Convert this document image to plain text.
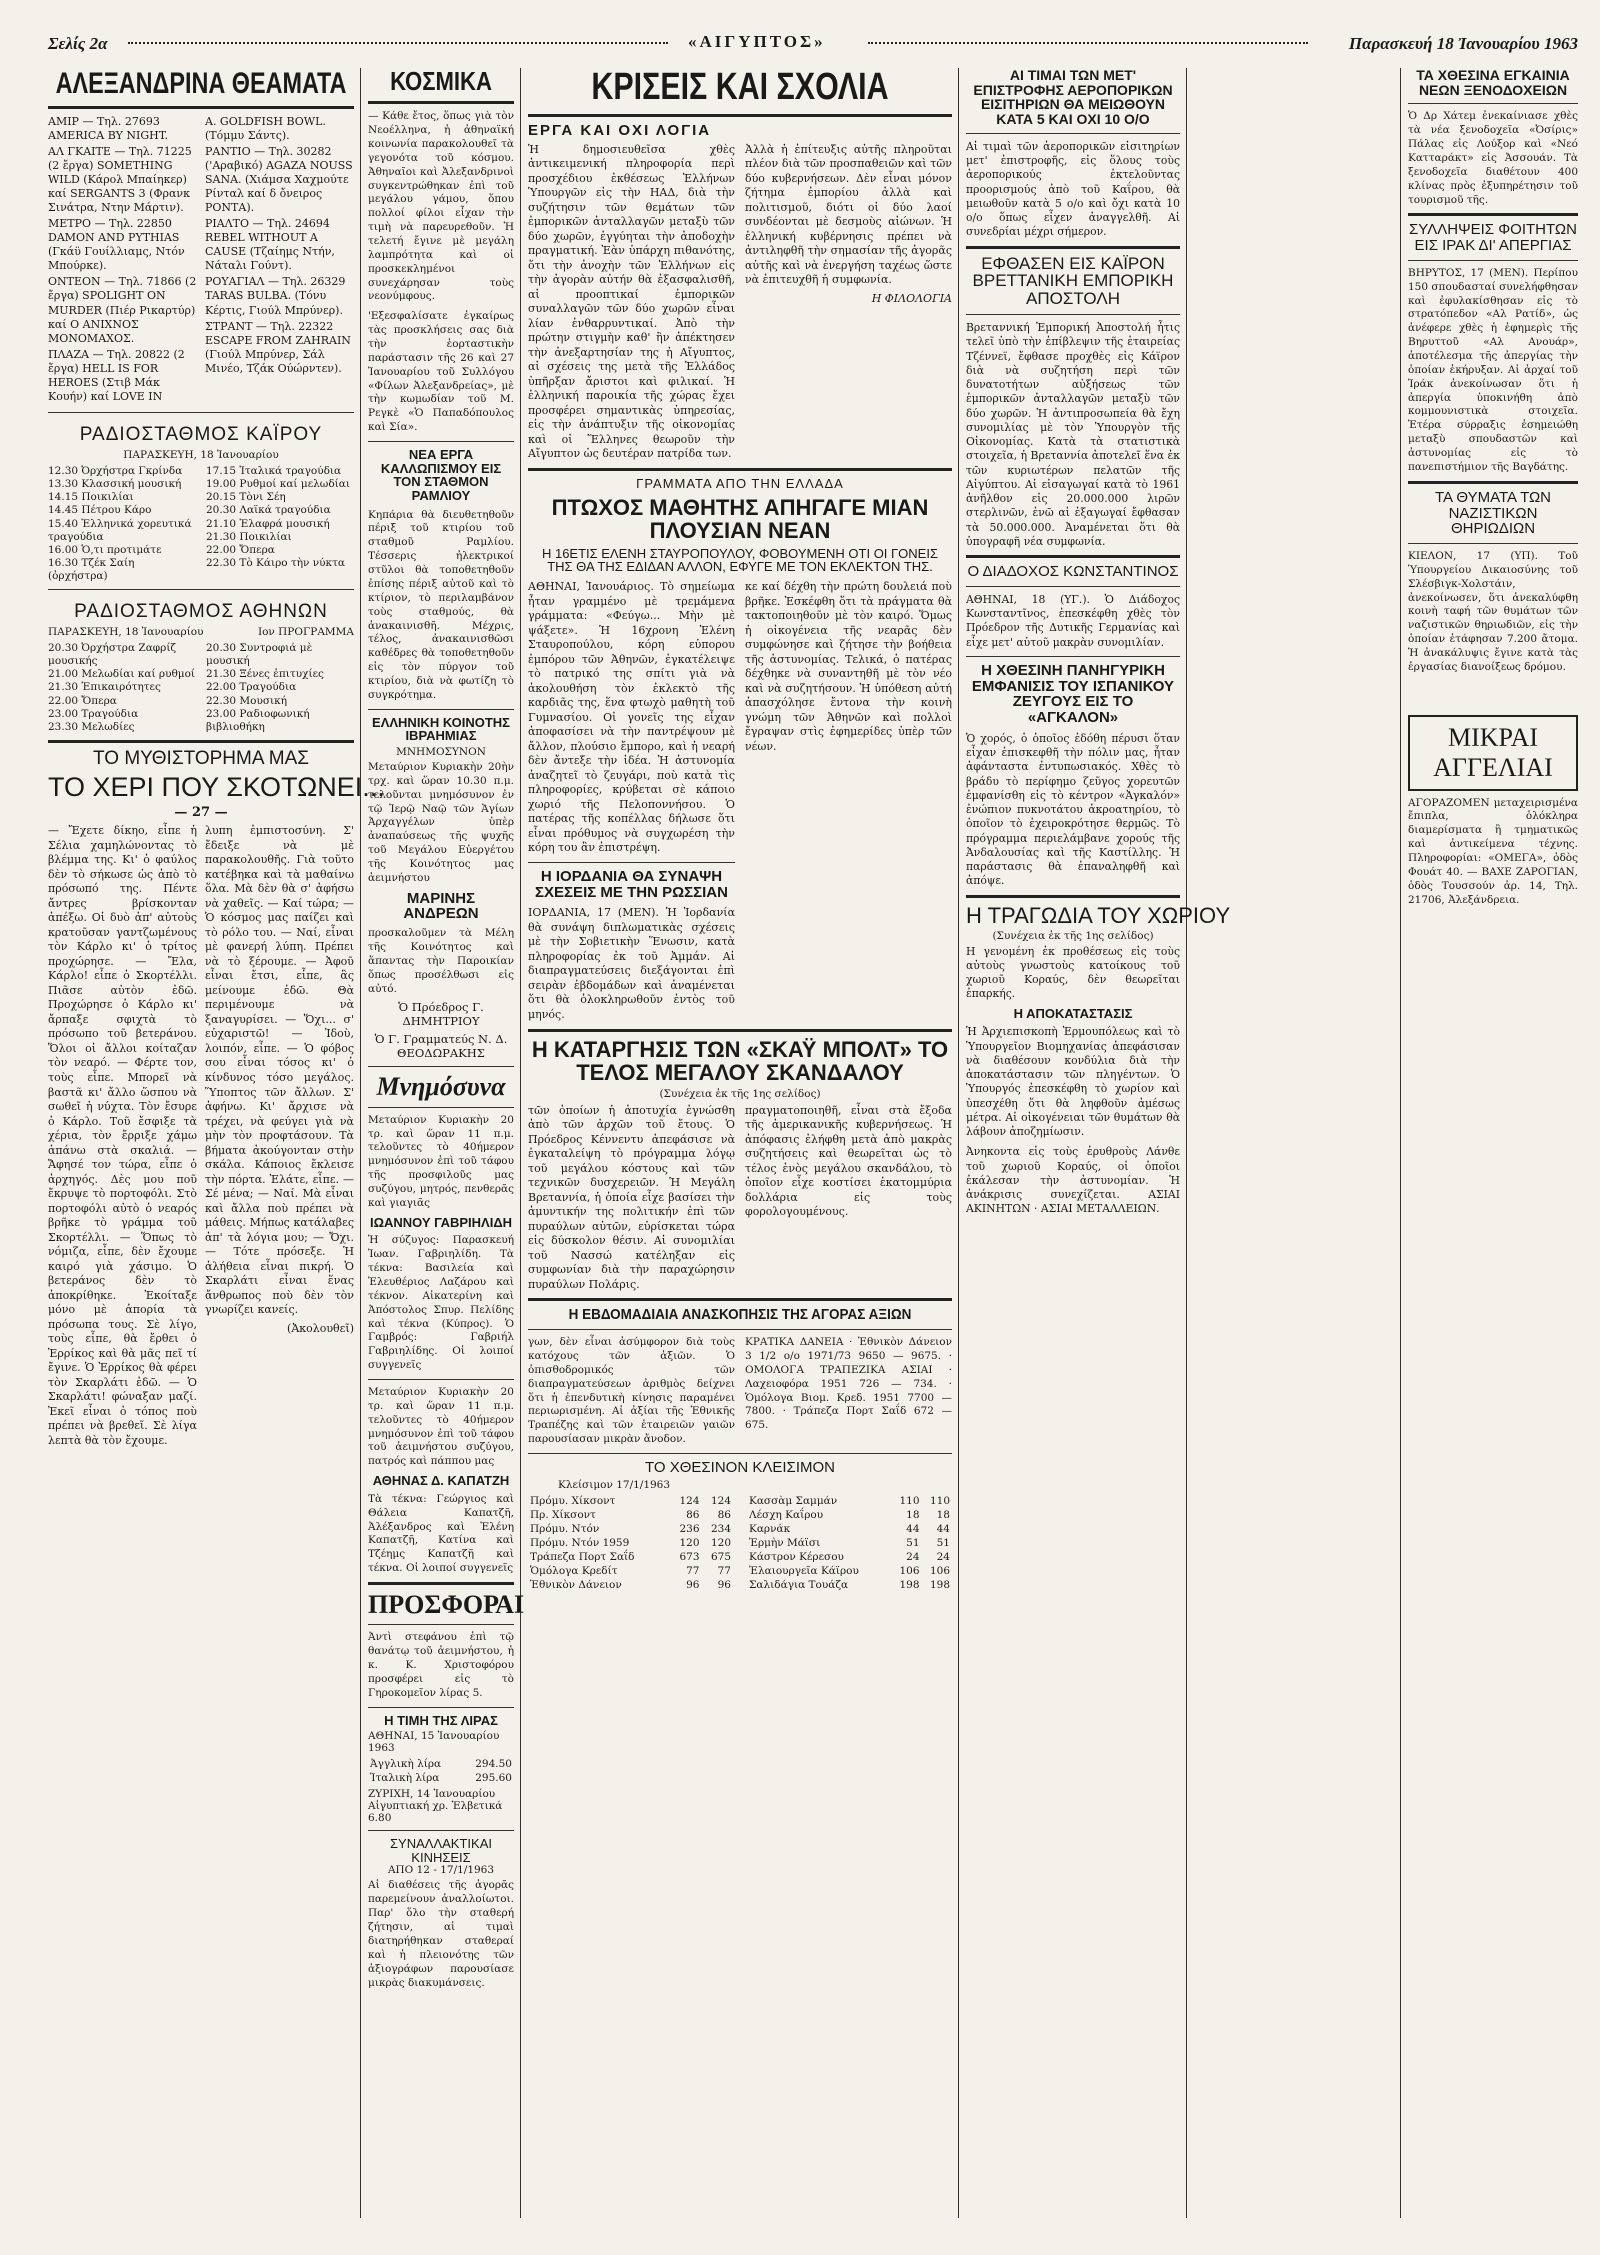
Σελίς 2α	«ΑΙΓΥΠΤΟΣ»	Παρασκευή 18 Ἰανουαρίου 1963
ΑΛΕΞΑΝΔΡΙΝΑ ΘΕΑΜΑΤΑ
ΑΜΙΡ — Τηλ. 27693 AMERICA BY NIGHT.
ΑΛ ΓΚΑΙΤΕ — Τηλ. 71225 (2 ἔργα) SOMETHING WILD (Κάρολ Μπαίηκερ) καί SERGANTS 3 (Φρανκ Σινάτρα, Ντην Μάρτιν).
ΜΕΤΡΟ — Τηλ. 22850 DAMON AND PYTHIAS (Γκάϋ Γουίλλιαμς, Ντόν Μπούρκε).
ΟΝΤΕΟΝ — Τηλ. 71866 (2 ἔργα) SPOLIGHT ON MURDER (Πιέρ Ρικαρτύρ) καί Ο ΑΝΙΧΝΟΣ ΜΟΝΟΜΑΧΟΣ.
ΠΛΑΖΑ — Τηλ. 20822 (2 ἔργα) HELL IS FOR HEROES (Στιβ Μάκ Κουήν) καί LOVE IN
A. GOLDFISH BOWL. (Τόμμυ Σάντς).
ΡΑΝΤΙΟ — Τηλ. 30282 ('Αραβικό) AGAZA NOUSS SANA. (Χιάμσα Χαχμούτε Ρίνταλ καί δ ὄνειρος ΡΟΝΤΑ).
ΡΙΑΛΤΟ — Τηλ. 24694 REBEL WITHOUT A CAUSE (Τζαίημς Ντήν, Νάταλι Γούντ).
ΡΟΥΑΓΙΑΛ — Τηλ. 26329 TARAS BULBA. (Τόνυ Κέρτις, Γιούλ Μπρύνερ).
ΣΤΡΑΝΤ — Τηλ. 22322 ESCAPE FROM ZAHRAIN (Γιούλ Μπρύνερ, Σάλ Μινέο, Τζάκ Ούώρντεν).
ΡΑΔΙΟΣΤΑΘΜΟΣ ΚΑΪΡΟΥ
ΠΑΡΑΣΚΕΥΗ, 18 Ἰανουαρίου
12.30 Ὀρχήστρα Γκρίνδα
13.30 Κλασσική μουσική
14.15 Ποικιλίαι
14.45 Πέτρου Κάρο
15.40 Ἑλληνικά χορευτικά τραγούδια
16.00 Ὁ,τι προτιμάτε
16.30 Τζέκ Σαίη (ὀρχήστρα)
17.15 Ἰταλικά τραγούδια
19.00 Ρυθμοί καί μελωδίαι
20.15 Τὸνι Σέη
20.30 Λαϊκά τραγούδια
21.10 Ἐλαφρά μουσική
21.30 Ποικιλίαι
22.00 Ὄπερα
22.30 Τὸ Κάιρο τὴν νύκτα
ΡΑΔΙΟΣΤΑΘΜΟΣ ΑΘΗΝΩΝ
ΠΑΡΑΣΚΕΥΗ, 18 Ἰανουαρίου	Ιον ΠΡΟΓΡΑΜΜΑ
20.30 Ὀρχήστρα Ζαφρίζ μουσικής
21.00 Μελωδίαι καί ρυθμοί
21.30 Ἐπικαιρότητες
22.00 Ὄπερα
23.00 Τραγούδια
23.30 Μελωδίες
20.30 Συντροφιά μὲ μουσική
21.30 Ξένες ἐπιτυχίες
22.00 Τραγούδια
22.30 Μουσική
23.00 Ραδιοφωνική βιβλιοθήκη
ΤΟ ΜΥΘΙΣΤΟΡΗΜΑ ΜΑΣ
ΤΟ ΧΕΡΙ ΠΟΥ ΣΚΟΤΩΝΕΙ...
— 27 —

— Ἔχετε δίκηο, εἶπε ἡ Σέλια χαμηλώνοντας τὸ βλέμμα της. Κι' ὁ φαύλος δὲν τὸ σήκωσε ὡς ἀπὸ τὸ πρόσωπό της. Πέντε ἄντρες βρίσκονταν ἀπέξω. Οἱ δυὸ ἀπ' αὐτοὺς κρατοῦσαν γαντζωμένους τὸν Κάρλο κι' ὁ τρίτος προχώρησε. — Ἔλα, Κάρλο! εἶπε ὁ Σκορτέλλι. Πιᾶσε αὐτὸν ἐδῶ. Προχώρησε ὁ Κάρλο κι' ἄρπαξε σφιχτὰ τὸ πρόσωπο τοῦ βετεράνου. Ὅλοι οἱ ἄλλοι κοίταζαν τὸν νεαρό. — Φέρτε τον, τοὺς εἶπε. Μπορεῖ νὰ βαστᾶ κι' ἄλλο ὥσπου νὰ σωθεῖ ἡ νύχτα. Τὸν ἔσυρε ὁ Κάρλο. Τοῦ ἔσφιξε τὰ χέρια, τὸν ἔρριξε χάμω ἀπάνω στὰ σκαλιά. — Ἄφησέ τον τώρα, εἶπε ὁ ἀρχηγός. Δὲς μου ποῦ ἔκρυψε τὸ πορτοφόλι. Στὸ πορτοφόλι αὐτὸ ὁ νεαρός βρῆκε τὸ γράμμα τοῦ Σκορτέλλι. — Ὅπως τὸ νόμιζα, εἶπε, δὲν ἔχουμε καιρό γιὰ χάσιμο. Ὁ βετεράνος δὲν τὸ ἀποκρίθηκε. Ἐκοίταξε μόνο μὲ ἀπορία τὰ πρόσωπα τους. Σὲ λίγο, τοὺς εἶπε, θὰ ἔρθει ὁ Ἐρρίκος καὶ θὰ μᾶς πεῖ τί ἔγινε. Ὁ Ἐρρίκος θὰ φέρει τὸν Σκαρλάτι ἐδῶ. — Ὁ Σκαρλάτι! φώναξαν μαζί. Ἐκεῖ εἶναι ὁ τόπος ποὺ πρέπει νὰ βρεθεῖ. Σὲ λίγα λεπτὰ θὰ τὸν ἔχουμε.

λυπη ἐμπιστοσύνη. Σ' ἔδειξε νὰ μὲ παρακολουθῆς. Γιὰ τοῦτο κατέβηκα καὶ τὰ μαθαίνω ὅλα. Μὰ δὲν θὰ σ' ἀφήσω νὰ χαθεῖς. — Καί τώρα; — Ὁ κόσμος μας παίζει καὶ τὸ ρόλο του. — Ναί, εἶναι μὲ φανερή λύπη. Πρέπει νὰ τὸ ξέρουμε. — Ἀφοῦ εἶναι ἔτσι, εἶπε, ἂς μείνουμε ἐδῶ. Θὰ περιμένουμε νὰ ξαναγυρίσει. — Ὅχι... σ' εὐχαριστῶ! — Ἰδοὺ, λοιπόν, εἶπε. — Ὁ φόβος σου εἶναι τόσος κι' ὁ κίνδυνος τόσο μεγάλος. Ὕποπτος τῶν ἄλλων. Σ' ἀφήνω. Κι' ἄρχισε νὰ τρέχει, νὰ φεύγει γιὰ νὰ μὴν τὸν προφτάσουν. Τὰ βήματα ἀκούγονταν στὴν σκάλα. Κάποιος ἔκλεισε τὴν πόρτα. Ἐλάτε, εἶπε. — Σέ μένα; — Ναί. Μὰ εἶναι καὶ ἄλλα ποὺ πρέπει νὰ μάθεις. Μήπως κατάλαβες ἀπ' τὰ λόγια μου; — Ὄχι. — Τότε πρόσεξε. Ἡ ἀλήθεια εἶναι πικρή. Ὁ Σκαρλάτι εἶναι ἕνας ἄνθρωπος ποὺ δὲν τὸν γνωρίζει κανείς.

(Ἀκολουθεῖ)
ΚΟΣΜΙΚΑ

— Κάθε ἔτος, ὅπως γιὰ τὸν Νεοέλληνα, ἡ ἀθηναϊκή κοινωνία παρακολουθεῖ τὰ γεγονότα τοῦ κόσμου. Ἀθηναῖοι καὶ Ἀλεξανδρινοὶ συγκεντρώθηκαν ἐπὶ τοῦ μεγάλου γάμου, ὅπου πολλοί φίλοι εἶχαν τὴν τιμὴ νὰ παρευρεθοῦν. Ἡ τελετή ἔγινε μὲ μεγάλη λαμπρότητα καὶ οἱ προσκεκλημένοι συνεχάρησαν τοὺς νεονύμφους.

'Εξεσφαλίσατε ἐγκαίρως τὰς προσκλήσεις σας διὰ τὴν ἑορταστικὴν παράστασιν τῆς 26 καὶ 27 Ἰανουαρίου τοῦ Συλλόγου «Φίλων Ἀλεξανδρείας», μὲ τὴν κωμωδίαν τοῦ Μ. Ρεγκὲ «Ὁ Παπαδόπουλος καὶ Σία».

ΝΕΑ ΕΡΓΑ ΚΑΛΛΩΠΙΣΜΟΥ ΕΙΣ ΤΟΝ ΣΤΑΘΜΟΝ ΡΑΜΛΙΟΥ

Κηπάρια θὰ διευθετηθοῦν πέριξ τοῦ κτιρίου τοῦ σταθμοῦ Ραμλίου. Τέσσερις ἠλεκτρικοί στῦλοι θὰ τοποθετηθοῦν ἐπίσης πέριξ αὐτοῦ καὶ τὸ κτίριον, τὸ περιλαμβάνον τοὺς σταθμούς, θὰ ἀνακαινισθῆ. Μέχρις, τέλος, ἀνακαινισθῶσι καθέδρες θὰ τοποθετηθοῦν εἰς τὸν πύργον τοῦ κτιρίου, διὰ νὰ φωτίζη τὸ συγκρότημα.

ΕΛΛΗΝΙΚΗ ΚΟΙΝΟΤΗΣ ΙΒΡΑΗΜΙΑΣ
ΜΝΗΜΟΣΥΝΟΝ

Μεταύριον Κυριακὴν 20ὴν τρχ. καὶ ὥραν 10.30 π.μ. τελοῦνται μνημόσυνον ἐν τῷ Ἱερῷ Ναῷ τῶν Ἁγίων Ἀρχαγγέλων ὑπὲρ ἀναπαύσεως τῆς ψυχῆς τοῦ Μεγάλου Εὐεργέτου τῆς Κοινότητος μας ἀειμνήστου

ΜΑΡΙΝΗΣ ΑΝΔΡΕΩΝ

προσκαλοῦμεν τὰ Μέλη τῆς Κοινότητος καὶ ἅπαντας τὴν Παροικίαν ὅπως προσέλθωσι εἰς αὐτό.

Ὁ Πρόεδρος Γ. ΔΗΜΗΤΡΙΟΥ
Ὁ Γ. Γραμματεύς Ν. Δ. ΘΕΟΔΩΡΑΚΗΣ
Μνημόσυνα

Μεταύριον Κυριακὴν 20 τρ. καὶ ὥραν 11 π.μ. τελοῦντες τὸ 40ήμερον μνημόσυνον ἐπὶ τοῦ τάφου τῆς προσφιλοῦς μας συζύγου, μητρός, πενθερᾶς καὶ γιαγιᾶς

ΙΩΑΝΝΟΥ ΓΑΒΡΙΗΛΙΔΗ

Ἡ σύζυγος: Παρασκευή Ἰωαν. Γαβριηλίδη. Τὰ τέκνα: Βασιλεία καὶ Ἐλευθέριος Λαζάρου καὶ τέκνον. Αἰκατερίνη καὶ Ἀπόστολος Σπυρ. Πελίδης καὶ τέκνα (Κύπρος). Ὁ Γαμβρός: Γαβριήλ Γαβριηλίδης. Οἱ λοιποί συγγενεῖς

Μεταύριον Κυριακὴν 20 τρ. καὶ ὥραν 11 π.μ. τελοῦντες τὸ 40ήμερον μνημόσυνον ἐπὶ τοῦ τάφου τοῦ ἀειμνήστου συζύγου, πατρός καὶ πάππου μας

ΑΘΗΝΑΣ Δ. ΚΑΠΑΤΖΗ

Τὰ τέκνα: Γεώργιος καὶ Θάλεια Καπατζῆ, Ἀλέξανδρος καὶ Ἑλένη Καπατζῆ, Κατίνα καὶ Τζέημς Καπατζῆ καὶ τέκνα. Οἱ λοιποί συγγενεῖς

ΠΡΟΣΦΟΡΑΙ

Ἀντὶ στεφάνου ἐπὶ τῷ θανάτῳ τοῦ ἀειμνήστου, ἡ κ. Κ. Χριστοφόρου προσφέρει εἰς τὸ Γηροκομεῖον λίρας 5.

Η ΤΙΜΗ ΤΗΣ ΛΙΡΑΣ
ΑΘΗΝΑΙ, 15 Ἰανουαρίου 1963
Ἀγγλικὴ λίρα	294.50
Ἰταλικὴ λίρα	295.60
ΖΥΡΙΧΗ, 14 Ἰανουαρίου
Αἰγυπτιακή χρ. Ἐλβετικά 6.80
ΣΥΝΑΛΛΑΚΤΙΚΑΙ ΚΙΝΗΣΕΙΣ
ΑΠΟ 12 - 17/1/1963

Αἱ διαθέσεις τῆς ἀγορᾶς παρεμείνουν ἀναλλοίωτοι. Παρ' ὅλο τὴν σταθερή ζήτησιν, αἱ τιμαὶ διατηρήθηκαν σταθεραί καὶ ἡ πλειονότης τῶν ἀξιογράφων παρουσίασε μικρὰς διακυμάνσεις.

ΚΡΙΣΕΙΣ ΚΑΙ ΣΧΟΛΙΑ
ΕΡΓΑ ΚΑΙ ΟΧΙ ΛΟΓΙΑ

Ἡ δημοσιευθεῖσα χθὲς ἀντικειμενική πληροφορία περὶ προσχέδιου ἐκθέσεως Ἑλλήνων Ὑπουργῶν εἰς τὴν ΗΑΔ, διὰ τὴν συζήτησιν τῶν θεμάτων τῶν ἐμπορικῶν ἀνταλλαγῶν μεταξὺ τῶν δύο χωρῶν, ἐγγύηται τὴν ἀποδοχὴν πραγματική. Ἐὰν ὑπάρχη πιθανότης, ὅτι τὴν ἀνοχὴν τῶν Ἑλλήνων εἰς τὴν ἀγορὰν αὐτήν θὰ ἐξασφαλισθῆ, αἱ προοπτικαί ἐμπορικῶν συναλλαγῶν τῶν δύο χωρῶν εἶναι λίαν ἐνθαρρυντικαί. Ἀπὸ τὴν πρώτην στιγμὴν καθ' ἣν ἀπέκτησεν τὴν ἀνεξαρτησίαν της ἡ Αἴγυπτος, αἱ σχέσεις της μετὰ τῆς Ἑλλάδος ὑπῆρξαν ἄριστοι καὶ φιλικαί. Ἡ ἑλληνική παροικία τῆς χώρας ἔχει προσφέρει σημαντικὰς ὑπηρεσίας, εἰς τὴν ἀνάπτυξιν τῆς οἰκονομίας καὶ οἱ Ἕλληνες θεωροῦν τὴν Αἴγυπτον ὡς δευτέραν πατρίδα των.

Ἀλλὰ ἡ ἐπίτευξις αὐτῆς πληροῦται πλέον διὰ τῶν προσπαθειῶν καὶ τῶν δύο κυβερνήσεων. Δὲν εἶναι μόνον ζήτημα ἐμπορίου ἀλλὰ καὶ πολιτισμοῦ, διότι οἱ δύο λαοί συνδέονται μὲ δεσμοὺς αἰώνων. Ἡ ἑλληνική κυβέρνησις πρέπει νὰ ἀντιληφθῆ τὴν σημασίαν τῆς ἀγορᾶς αὐτῆς καὶ νὰ ἐνεργήση ταχέως ὥστε νὰ ἐπιτευχθῆ ἡ συμφωνία.

Η ΦΙΛΟΛΟΓΙΑ
ΓΡΑΜΜΑΤΑ ΑΠΟ ΤΗΝ ΕΛΛΑΔΑ
ΠΤΩΧΟΣ ΜΑΘΗΤΗΣ ΑΠΗΓΑΓΕ ΜΙΑΝ ΠΛΟΥΣΙΑΝ ΝΕΑΝ
Η 16ΕΤΙΣ ΕΛΕΝΗ ΣΤΑΥΡΟΠΟΥΛΟΥ, ΦΟΒΟΥΜΕΝΗ ΟΤΙ ΟΙ ΓΟΝΕΙΣ ΤΗΣ ΘΑ ΤΗΣ ΕΔΙΔΑΝ ΑΛΛΟΝ, ΕΦΥΓΕ ΜΕ ΤΟΝ ΕΚΛΕΚΤΟΝ ΤΗΣ.

ΑΘΗΝΑΙ, Ἰανουάριος. Τὸ σημείωμα ἦταν γραμμένο μὲ τρεμάμενα γράμματα: «Φεύγω... Μὴν μὲ ψάξετε». Ἡ 16χρονη Ἑλένη Σταυροπούλου, κόρη εὐπορου ἐμπόρου τῶν Ἀθηνῶν, ἐγκατέλειψε τὸ πατρικό της σπίτι γιὰ νὰ ἀκολουθήση τὸν ἐκλεκτὸ τῆς καρδιᾶς της, ἕνα φτωχὸ μαθητὴ τοῦ Γυμνασίου. Οἱ γονεῖς της εἶχαν ἀποφασίσει νὰ τὴν παντρέψουν μὲ ἄλλον, πλούσιο ἔμπορο, καὶ ἡ νεαρή δὲν ἄντεξε τὴν ἰδέα. Ἡ ἀστυνομία ἀναζητεῖ τὸ ζευγάρι, ποὺ κατὰ τὶς πληροφορίες, κρύβεται σὲ κάποιο χωριό τῆς Πελοποννήσου. Ὁ πατέρας τῆς κοπέλλας δήλωσε ὅτι εἶναι πρόθυμος νὰ συγχωρέση τὴν κόρη του ἂν ἐπιστρέψη.

Η ΙΟΡΔΑΝΙΑ ΘΑ ΣΥΝΑΨΗ ΣΧΕΣΕΙΣ ΜΕ ΤΗΝ ΡΩΣΣΙΑΝ

ΙΟΡΔΑΝΙΑ, 17 (ΜΕΝ). Ἡ Ἰορδανία θὰ συνάψη διπλωματικὰς σχέσεις μὲ τὴν Σοβιετικὴν Ἕνωσιν, κατὰ πληροφορίας ἐκ τοῦ Ἀμμάν. Αἱ διαπραγματεύσεις διεξάγονται ἐπὶ σειρὰν ἑβδομάδων καὶ ἀναμένεται ὅτι θὰ ὁλοκληρωθοῦν ἐντὸς τοῦ μηνός.

κε καί δέχθη τὴν πρώτη δουλειά ποὺ βρῆκε. Ἐσκέφθη ὅτι τὰ πράγματα θὰ τακτοποιηθοῦν μὲ τὸν καιρό. Ὅμως ἡ οἰκογένεια τῆς νεαρᾶς δὲν συμφώνησε καὶ ζήτησε τὴν βοήθεια τῆς ἀστυνομίας. Τελικά, ὁ πατέρας δέχθηκε νὰ συναντηθῆ μὲ τὸν νέο καὶ νὰ συζητήσουν. Ἡ ὑπόθεση αὐτή ἀπασχόλησε ἔντονα τὴν κοινὴ γνώμη τῶν Ἀθηνῶν καὶ πολλοὶ ἔγραψαν στὶς ἐφημερίδες ὑπὲρ τῶν νέων.

Η ΚΑΤΑΡΓΗΣΙΣ ΤΩΝ «ΣΚΑΫ ΜΠΟΛΤ» ΤΟ ΤΕΛΟΣ ΜΕΓΑΛΟΥ ΣΚΑΝΔΑΛΟΥ
(Συνέχεια ἐκ τῆς 1ης σελίδος)

τῶν ὁποίων ἡ ἀποτυχία ἐγνώσθη ἀπὸ τῶν ἀρχῶν τοῦ ἔτους. Ὁ Πρόεδρος Κέννεντυ ἀπεφάσισε νὰ ἐγκαταλείψη τὸ πρόγραμμα λόγῳ τοῦ μεγάλου κόστους καὶ τῶν τεχνικῶν δυσχερειῶν. Ἡ Μεγάλη Βρεταννία, ἡ ὁποία εἶχε βασίσει τὴν ἀμυντικήν της πολιτικήν ἐπὶ τῶν πυραύλων αὐτῶν, εὑρίσκεται τώρα εἰς δύσκολον θέσιν. Αἱ συνομιλίαι τοῦ Νασσώ κατέληξαν εἰς συμφωνίαν διὰ τὴν παραχώρησιν πυραύλων Πολάρις.

πραγματοποιηθῆ, εἶναι στὰ ἔξοδα τῆς ἀμερικανικῆς κυβερνήσεως. Ἡ ἀπόφασις ἐλήφθη μετὰ ἀπὸ μακρὰς συζητήσεις καὶ θεωρεῖται ὡς τὸ τέλος ἑνὸς μεγάλου σκανδάλου, τὸ ὁποῖον εἶχε κοστίσει ἑκατομμύρια δολλάρια εἰς τοὺς φορολογουμένους.

Η ΕΒΔΟΜΑΔΙΑΙΑ ΑΝΑΣΚΟΠΗΣΙΣ ΤΗΣ ΑΓΟΡΑΣ ΑΞΙΩΝ

γων, δὲν εἶναι ἀσύμφορον διὰ τοὺς κατόχους τῶν ἀξιῶν. Ὁ ὀπισθοδρομικός τῶν διαπραγματεύσεων ἀριθμὸς δείχνει ὅτι ἡ ἐπενδυτικὴ κίνησις παραμένει περιωρισμένη. Αἱ ἀξίαι τῆς Ἐθνικῆς Τραπέζης καὶ τῶν ἑταιρειῶν γαιῶν παρουσίασαν μικρὰν ἄνοδον.

ΚΡΑΤΙΚΑ ΔΑΝΕΙΑ · Ἐθνικὸν Δάνειον 3 1/2 ο/ο 1971/73 9650 — 9675. · ΟΜΟΛΟΓΑ ΤΡΑΠΕΖΙΚΑ ΑΣΙΑΙ · Λαχειοφόρα 1951 726 — 734. · Ὁμόλογα Βιομ. Κρεδ. 1951 7700 — 7800. · Τράπεζα Πορτ Σαΐδ 672 — 675.

ΤΟ ΧΘΕΣΙΝΟΝ ΚΛΕΙΣΙΜΟΝ
Κλείσιμον 17/1/1963
Πρόμυ. Χίκσοντ	124	124
Πρ. Χίκσοντ	86	86
Πρόμυ. Ντόν	236	234
Πρόμυ. Ντόν 1959	120	120
Τράπεζα Πορτ Σαΐδ	673	675
Ὁμόλογα Κρεδίτ	77	77
Ἐθνικὸν Δάνειον	96	96
Κασσὰμ Σαμμάν	110	110
Λέσχη Καΐρου	18	18
Καρνάκ	44	44
Ἐρμὴν Μάϊσι	51	51
Κάστρον Κέρεσου	24	24
Ἐλαιουργεῖα Κάϊρου	106	106
Σαλιδάγια Τουάζα	198	198
ΑΙ ΤΙΜΑΙ ΤΩΝ ΜΕΤ' ΕΠΙΣΤΡΟΦΗΣ ΑΕΡΟΠΟΡΙΚΩΝ ΕΙΣΙΤΗΡΙΩΝ ΘΑ ΜΕΙΩΘΟΥΝ ΚΑΤΑ 5 ΚΑΙ ΟΧΙ 10 Ο/Ο

Αἱ τιμαὶ τῶν ἀεροπορικῶν εἰσιτηρίων μετ' ἐπιστροφῆς, εἰς ὅλους τοὺς ἀεροπορικούς ἐκτελοῦντας προορισμούς ἀπὸ τοῦ Καΐρου, θὰ μειωθοῦν κατὰ 5 ο/ο καὶ ὄχι κατὰ 10 ο/ο ὅπως εἶχεν ἀναγγελθῆ. Αἱ συνεδρίαι μέχρι σήμερον.

ΕΦΘΑΣΕΝ ΕΙΣ ΚΑΪΡΟΝ ΒΡΕΤΤΑΝΙΚΗ ΕΜΠΟΡΙΚΗ ΑΠΟΣΤΟΛΗ

Βρεταννική Ἐμπορική Ἀποστολή ἦτις τελεῖ ὑπὸ τὴν ἐπίβλεψιν τῆς ἑταιρείας Τζέννεϊ, ἔφθασε προχθὲς εἰς Κάϊρον διὰ νὰ συζητήση περὶ τῶν δυνατοτήτων αὐξήσεως τῶν ἐμπορικῶν ἀνταλλαγῶν μεταξὺ τῶν δύο χωρῶν. Ἡ ἀντιπροσωπεία θὰ ἔχη συνομιλίας μὲ τὸν Ὑπουργὸν τῆς Οἰκονομίας. Κατὰ τὰ στατιστικὰ στοιχεῖα, ἡ Βρεταννία ἀποτελεῖ ἕνα ἐκ τῶν κυριωτέρων πελατῶν τῆς Αἰγύπτου. Αἱ εἰσαγωγαί κατὰ τὸ 1961 ἀνῆλθον εἰς 20.000.000 λιρῶν στερλινῶν, ἐνῶ αἱ ἐξαγωγαί ἔφθασαν τὰ 50.000.000. Ἀναμένεται ὅτι θὰ ὑπογραφῆ νέα συμφωνία.

Ο ΔΙΑΔΟΧΟΣ ΚΩΝΣΤΑΝΤΙΝΟΣ

ΑΘΗΝΑΙ, 18 (ΥΓ.). Ὁ Διάδοχος Κωνσταντῖνος, ἐπεσκέφθη χθὲς τὸν Πρόεδρον τῆς Δυτικῆς Γερμανίας καὶ εἶχε μετ' αὐτοῦ μακρὰν συνομιλίαν.

Η ΧΘΕΣΙΝΗ ΠΑΝΗΓΥΡΙΚΗ ΕΜΦΑΝΙΣΙΣ ΤΟΥ ΙΣΠΑΝΙΚΟΥ ΖΕΥΓΟΥΣ ΕΙΣ ΤΟ «ΑΓΚΑΛΟΝ»

Ὁ χορός, ὁ ὁποῖος ἐδόθη πέρυσι ὅταν εἶχαν ἐπισκεφθῆ τὴν πόλιν μας, ἦταν ἀφάνταστα ἐντυπωσιακός. Χθὲς τὸ βράδυ τὸ περίφημο ζεῦγος χορευτῶν ἐμφανίσθη εἰς τὸ κέντρον «Ἀγκαλόν» ἐνώπιον πυκνοτάτου ἀκροατηρίου, τὸ ὁποῖον τὸ ἐχειροκρότησε θερμῶς. Τὸ πρόγραμμα περιελάμβανε χορούς τῆς Ἀνδαλουσίας καὶ τῆς Καστίλλης. Ἡ παράστασις θὰ ἐπαναληφθῆ καὶ ἀπόψε.

Η ΤΡΑΓΩΔΙΑ ΤΟΥ ΧΩΡΙΟΥ
(Συνέχεια ἐκ τῆς 1ης σελίδος)

Η γενομένη ἐκ προθέσεως εἰς τοὺς αὐτοὺς γνωστοὺς κατοίκους τοῦ χωριοῦ Κοραύς, δὲν θεωρεῖται ἐπαρκής.

Η ΑΠΟΚΑΤΑΣΤΑΣΙΣ

Ἡ Ἀρχιεπισκοπὴ Ἑρμουπόλεως καὶ τὸ Ὑπουργεῖον Βιομηχανίας ἀπεφάσισαν νὰ διαθέσουν κονδύλια διὰ τὴν ἀποκατάστασιν τῶν πληγέντων. Ὁ Ὑπουργός ἐπεσκέφθη τὸ χωρίον καὶ ὑπεσχέθη ὅτι θὰ ληφθοῦν ἀμέσως μέτρα. Αἱ οἰκογένειαι τῶν θυμάτων θὰ λάβουν ἀποζημίωσιν.

Ἀνηκοντα εἰς τοὺς ἐρυθροὺς Λάνθε τοῦ χωριοῦ Κοραύς, οἱ ὁποῖοι ἐκάλεσαν τὴν ἀστυνομίαν. Ἡ ἀνάκρισις συνεχίζεται. ΑΣΙΑΙ ΑΚΙΝΗΤΩΝ · ΑΣΙΑΙ ΜΕΤΑΛΛΕΙΩΝ.

ΤΑ ΧΘΕΣΙΝΑ ΕΓΚΑΙΝΙΑ ΝΕΩΝ ΞΕΝΟΔΟΧΕΙΩΝ

Ὁ Δρ Χάτεμ ἐνεκαίνιασε χθὲς τὰ νέα ξενοδοχεῖα «Ὀσίρις» Πάλας εἰς Λούξορ καὶ «Νεό Κατταράκτ» εἰς Ἀσσουάν. Τὰ ξενοδοχεῖα διαθέτουν 400 κλίνας πρὸς ἐξυπηρέτησιν τοῦ τουρισμοῦ τῆς.

ΣΥΛΛΗΨΕΙΣ ΦΟΙΤΗΤΩΝ ΕΙΣ ΙΡΑΚ ΔΙ' ΑΠΕΡΓΙΑΣ

ΒΗΡΥΤΟΣ, 17 (ΜΕΝ). Περίπου 150 σπουδασταί συνελήφθησαν καὶ ἐφυλακίσθησαν εἰς τὸ στρατόπεδον «Αλ Ρατίδ», ὡς ἀνέφερε χθὲς ἡ ἐφημερὶς τῆς Βηρυττοῦ «Αλ Ανουάρ», ἀποτέλεσμα τῆς ἀπεργίας τὴν ὁποίαν ἐκήρυξαν. Αἱ ἀρχαί τοῦ Ἰράκ ἀνεκοίνωσαν ὅτι ἡ ἀπεργία ὑποκινήθη ἀπὸ κομμουνιστικὰ στοιχεῖα. Ἑτέρα σύρραξις ἐσημειώθη μεταξὺ σπουδαστῶν καὶ ἀστυνομίας εἰς τὸ πανεπιστήμιον τῆς Βαγδάτης.

ΤΑ ΘΥΜΑΤΑ ΤΩΝ ΝΑΖΙΣΤΙΚΩΝ ΘΗΡΙΩΔΙΩΝ

ΚΙΕΛΟΝ, 17 (ΥΠ). Τοῦ Ὑπουργείου Δικαιοσύνης τοῦ Σλέσβιγκ-Χολστάιν, ἀνεκοίνωσεν, ὅτι ἀνεκαλύφθη κοινὴ ταφή τῶν θυμάτων τῶν ναζιστικῶν θηριωδιῶν, εἰς τὴν ὁποίαν ἐτάφησαν 7.200 ἄτομα. Ἡ ἀνακάλυψις ἔγινε κατὰ τὰς ἐργασίας διανοίξεως δρόμου.

ΜΙΚΡΑΙ ΑΓΓΕΛΙΑΙ

ΑΓΟΡΑΖΟΜΕΝ μεταχειρισμένα ἔπιπλα, ὁλόκληρα διαμερίσματα ἢ τμηματικῶς καὶ ἀντικείμενα τέχνης. Πληροφορίαι: «ΟΜΕΓΑ», ὁδὸς Φουάτ 40. — ΒΑΧΕ ΖΑΡΟΓΙΑΝ, ὁδὸς Τουσσούν ἀρ. 14, Τηλ. 21706, Ἀλεξάνδρεια.
